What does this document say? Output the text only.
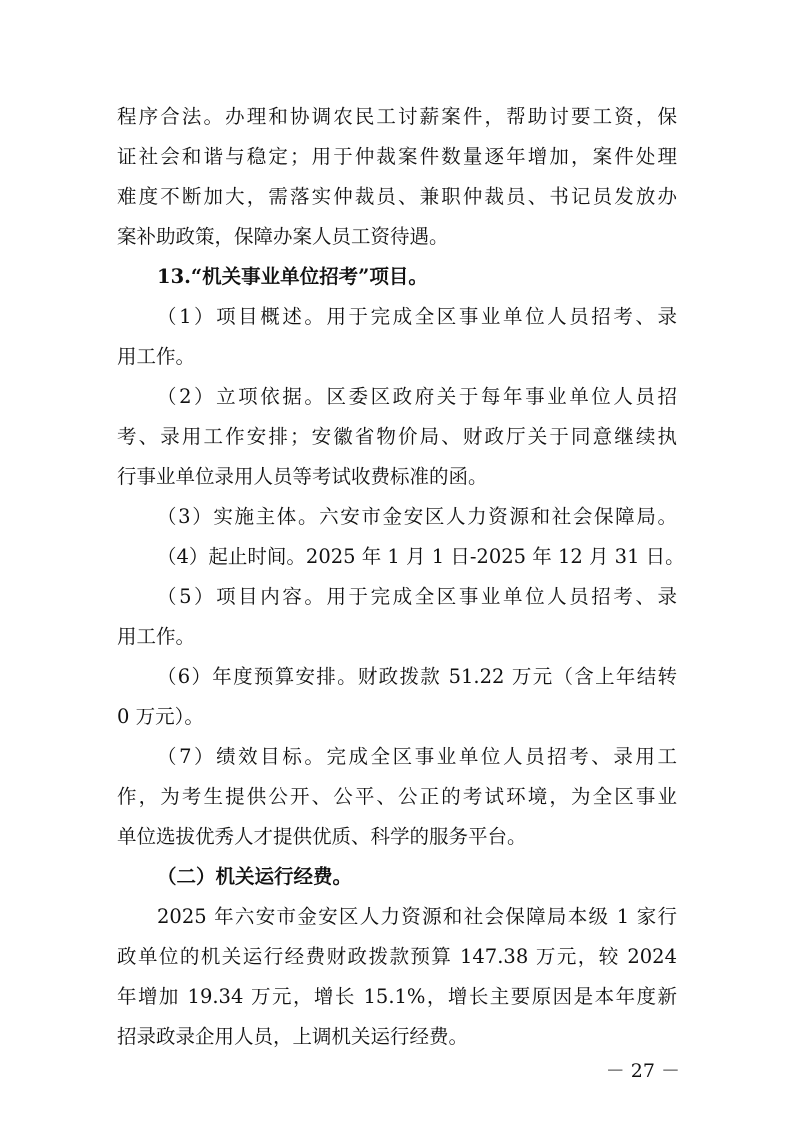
程序合法。办理和协调农民工讨薪案件，帮助讨要工资，保
证社会和谐与稳定；用于仲裁案件数量逐年增加，案件处理
难度不断加大，需落实仲裁员、兼职仲裁员、书记员发放办
案补助政策，保障办案人员工资待遇。
13.“机关事业单位招考”项目。
（1）项目概述。用于完成全区事业单位人员招考、录
用工作。
（2）立项依据。区委区政府关于每年事业单位人员招
考、录用工作安排；安徽省物价局、财政厅关于同意继续执
行事业单位录用人员等考试收费标准的函。
（3）实施主体。六安市金安区人力资源和社会保障局。
（4）起止时间。2025 年 1 月 1 日-2025 年 12 月 31 日。
（5）项目内容。用于完成全区事业单位人员招考、录
用工作。
（6）年度预算安排。财政拨款 51.22 万元（含上年结转
0 万元）。
（7）绩效目标。完成全区事业单位人员招考、录用工
作，为考生提供公开、公平、公正的考试环境，为全区事业
单位选拔优秀人才提供优质、科学的服务平台。
（二）机关运行经费。
2025 年六安市金安区人力资源和社会保障局本级 1 家行
政单位的机关运行经费财政拨款预算 147.38 万元，较 2024
年增加 19.34 万元，增长 15.1%，增长主要原因是本年度新
招录政录企用人员，上调机关运行经费。
－ 27 －
